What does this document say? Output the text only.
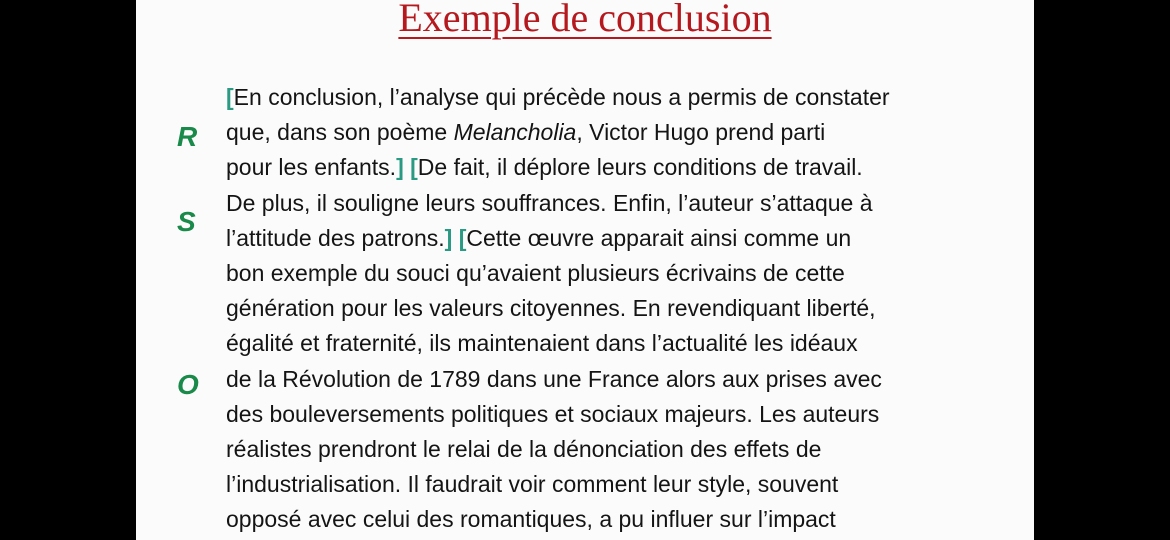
Exemple de conclusion
R
S
O
[En conclusion, l’analyse qui précède nous a permis de constater
que, dans son poème Melancholia, Victor Hugo prend parti
pour les enfants.] [De fait, il déplore leurs conditions de travail.
De plus, il souligne leurs souffrances. Enfin, l’auteur s’attaque à
l’attitude des patrons.] [Cette œuvre apparait ainsi comme un
bon exemple du souci qu’avaient plusieurs écrivains de cette
génération pour les valeurs citoyennes. En revendiquant liberté,
égalité et fraternité, ils maintenaient dans l’actualité les idéaux
de la Révolution de 1789 dans une France alors aux prises avec
des bouleversements politiques et sociaux majeurs. Les auteurs
réalistes prendront le relai de la dénonciation des effets de
l’industrialisation. Il faudrait voir comment leur style, souvent
opposé avec celui des romantiques, a pu influer sur l’impact
